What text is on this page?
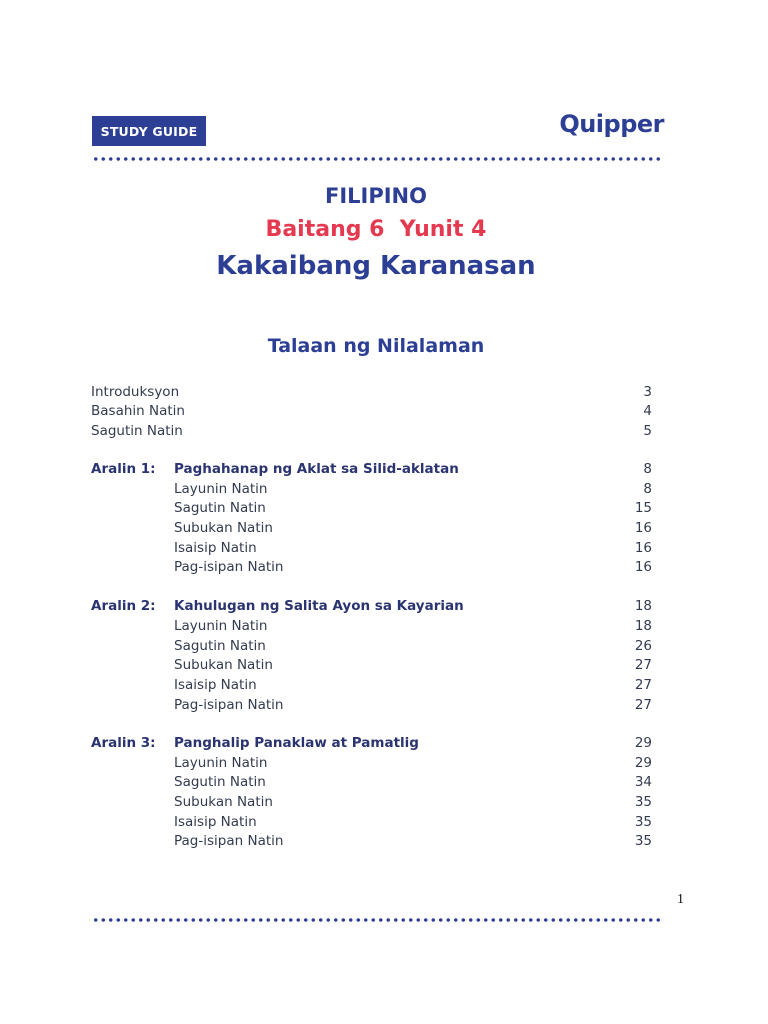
STUDY GUIDE	Quipper
FILIPINO
Baitang 6  Yunit 4
Kakaibang Karanasan
Talaan ng Nilalaman
Introduksyon	3
Basahin Natin	4
Sagutin Natin	5
Aralin 1: Paghahanap ng Aklat sa Silid-aklatan	8
Layunin Natin	8
Sagutin Natin	15
Subukan Natin	16
Isaisip Natin	16
Pag-isipan Natin	16
Aralin 2: Kahulugan ng Salita Ayon sa Kayarian	18
Layunin Natin	18
Sagutin Natin	26
Subukan Natin	27
Isaisip Natin	27
Pag-isipan Natin	27
Aralin 3: Panghalip Panaklaw at Pamatlig	29
Layunin Natin	29
Sagutin Natin	34
Subukan Natin	35
Isaisip Natin	35
Pag-isipan Natin	35
1
